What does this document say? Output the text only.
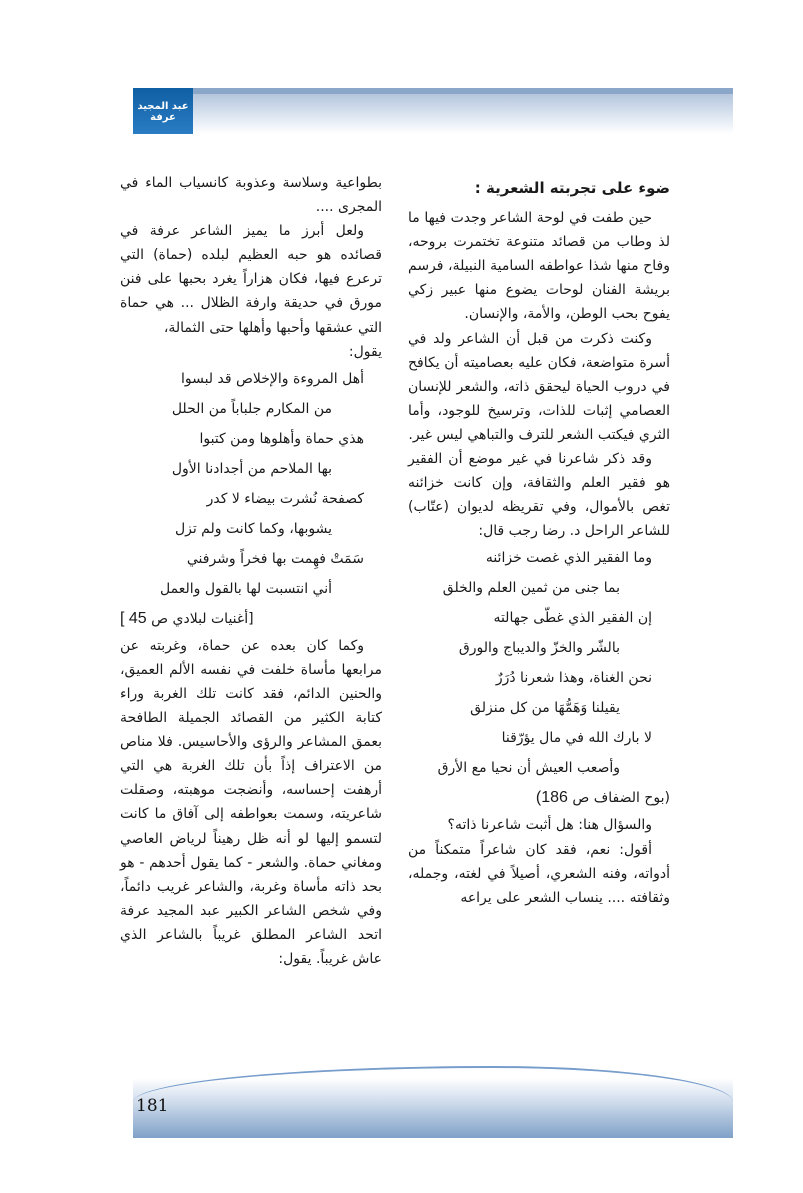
عبد المجيد عرفة

ضوء على تجربته الشعرية :

حين طفت في لوحة الشاعر وجدت فيها ما لذ وطاب من قصائد متنوعة تختمرت بروحه، وفاح منها شذا عواطفه السامية النبيلة، فرسم بريشة الفنان لوحات يضوع منها عبير زكي يفوح بحب الوطن، والأمة، والإنسان.

وكنت ذكرت من قبل أن الشاعر ولد في أسرة متواضعة، فكان عليه بعصاميته أن يكافح في دروب الحياة ليحقق ذاته، والشعر للإنسان العصامي إثبات للذات، وترسيخ للوجود، وأما الثري فيكتب الشعر للترف والتباهي ليس غير.

وقد ذكر شاعرنا في غير موضع أن الفقير هو فقير العلم والثقافة، وإن كانت خزائنه تغص بالأموال، وفي تقريظه لديوان (عتّاب) للشاعر الراحل د. رضا رجب قال:

وما الفقير الذي غصت خزائنه

بما جنى من ثمين العلم والخلق

إن الفقير الذي غطّى جهالته

بالشّر والخزّ والديباج والورق

نحن الغناة، وهذا شعرنا دُرَرٌ

يقيلنا وَهَمُّهَا من كل منزلق

لا بارك الله في مال يؤرّقنا

وأصعب العيش أن نحيا مع الأرق

(بوح الضفاف ص 186)

والسؤال هنا: هل أثبت شاعرنا ذاته؟

أقول: نعم، فقد كان شاعراً متمكناً من أدواته، وفنه الشعري، أصيلاً في لغته، وجمله، وثقافته .... ينساب الشعر على يراعه

بطواعية وسلاسة وعذوبة كانسياب الماء في المجرى ....

ولعل أبرز ما يميز الشاعر عرفة في قصائده هو حبه العظيم لبلده (حماة) التي ترعرع فيها، فكان هزاراً يغرد بحبها على فنن مورق في حديقة وارفة الظلال ... هي حماة التي عشقها وأحبها وأهلها حتى الثمالة،

يقول:

أهل المروءة والإخلاص قد لبسوا

من المكارم جلباباً من الحلل

هذي حماة وأهلوها ومن كتبوا

بها الملاحم من أجدادنا الأول

كصفحة نُشرت بيضاء لا كدر

يشوبها، وكما كانت ولم تزل

سَمَتْ فهِمت بها فخراً وشرفني

أني انتسبت لها بالقول والعمل

[أغنيات لبلادي ص 45 ]

وكما كان بعده عن حماة، وغربته عن مرابعها مأساة خلفت في نفسه الألم العميق، والحنين الدائم، فقد كانت تلك الغربة وراء كتابة الكثير من القصائد الجميلة الطافحة بعمق المشاعر والرؤى والأحاسيس. فلا مناص من الاعتراف إذاً بأن تلك الغربة هي التي أرهفت إحساسه، وأنضجت موهبته، وصقلت شاعريته، وسمت بعواطفه إلى آفاق ما كانت لتسمو إليها لو أنه ظل رهيناً لرياض العاصي ومغاني حماة. والشعر - كما يقول أحدهم - هو بحد ذاته مأساة وغربة، والشاعر غريب دائماً، وفي شخص الشاعر الكبير عبد المجيد عرفة اتحد الشاعر المطلق غريباً بالشاعر الذي عاش غريباً. يقول:

181
